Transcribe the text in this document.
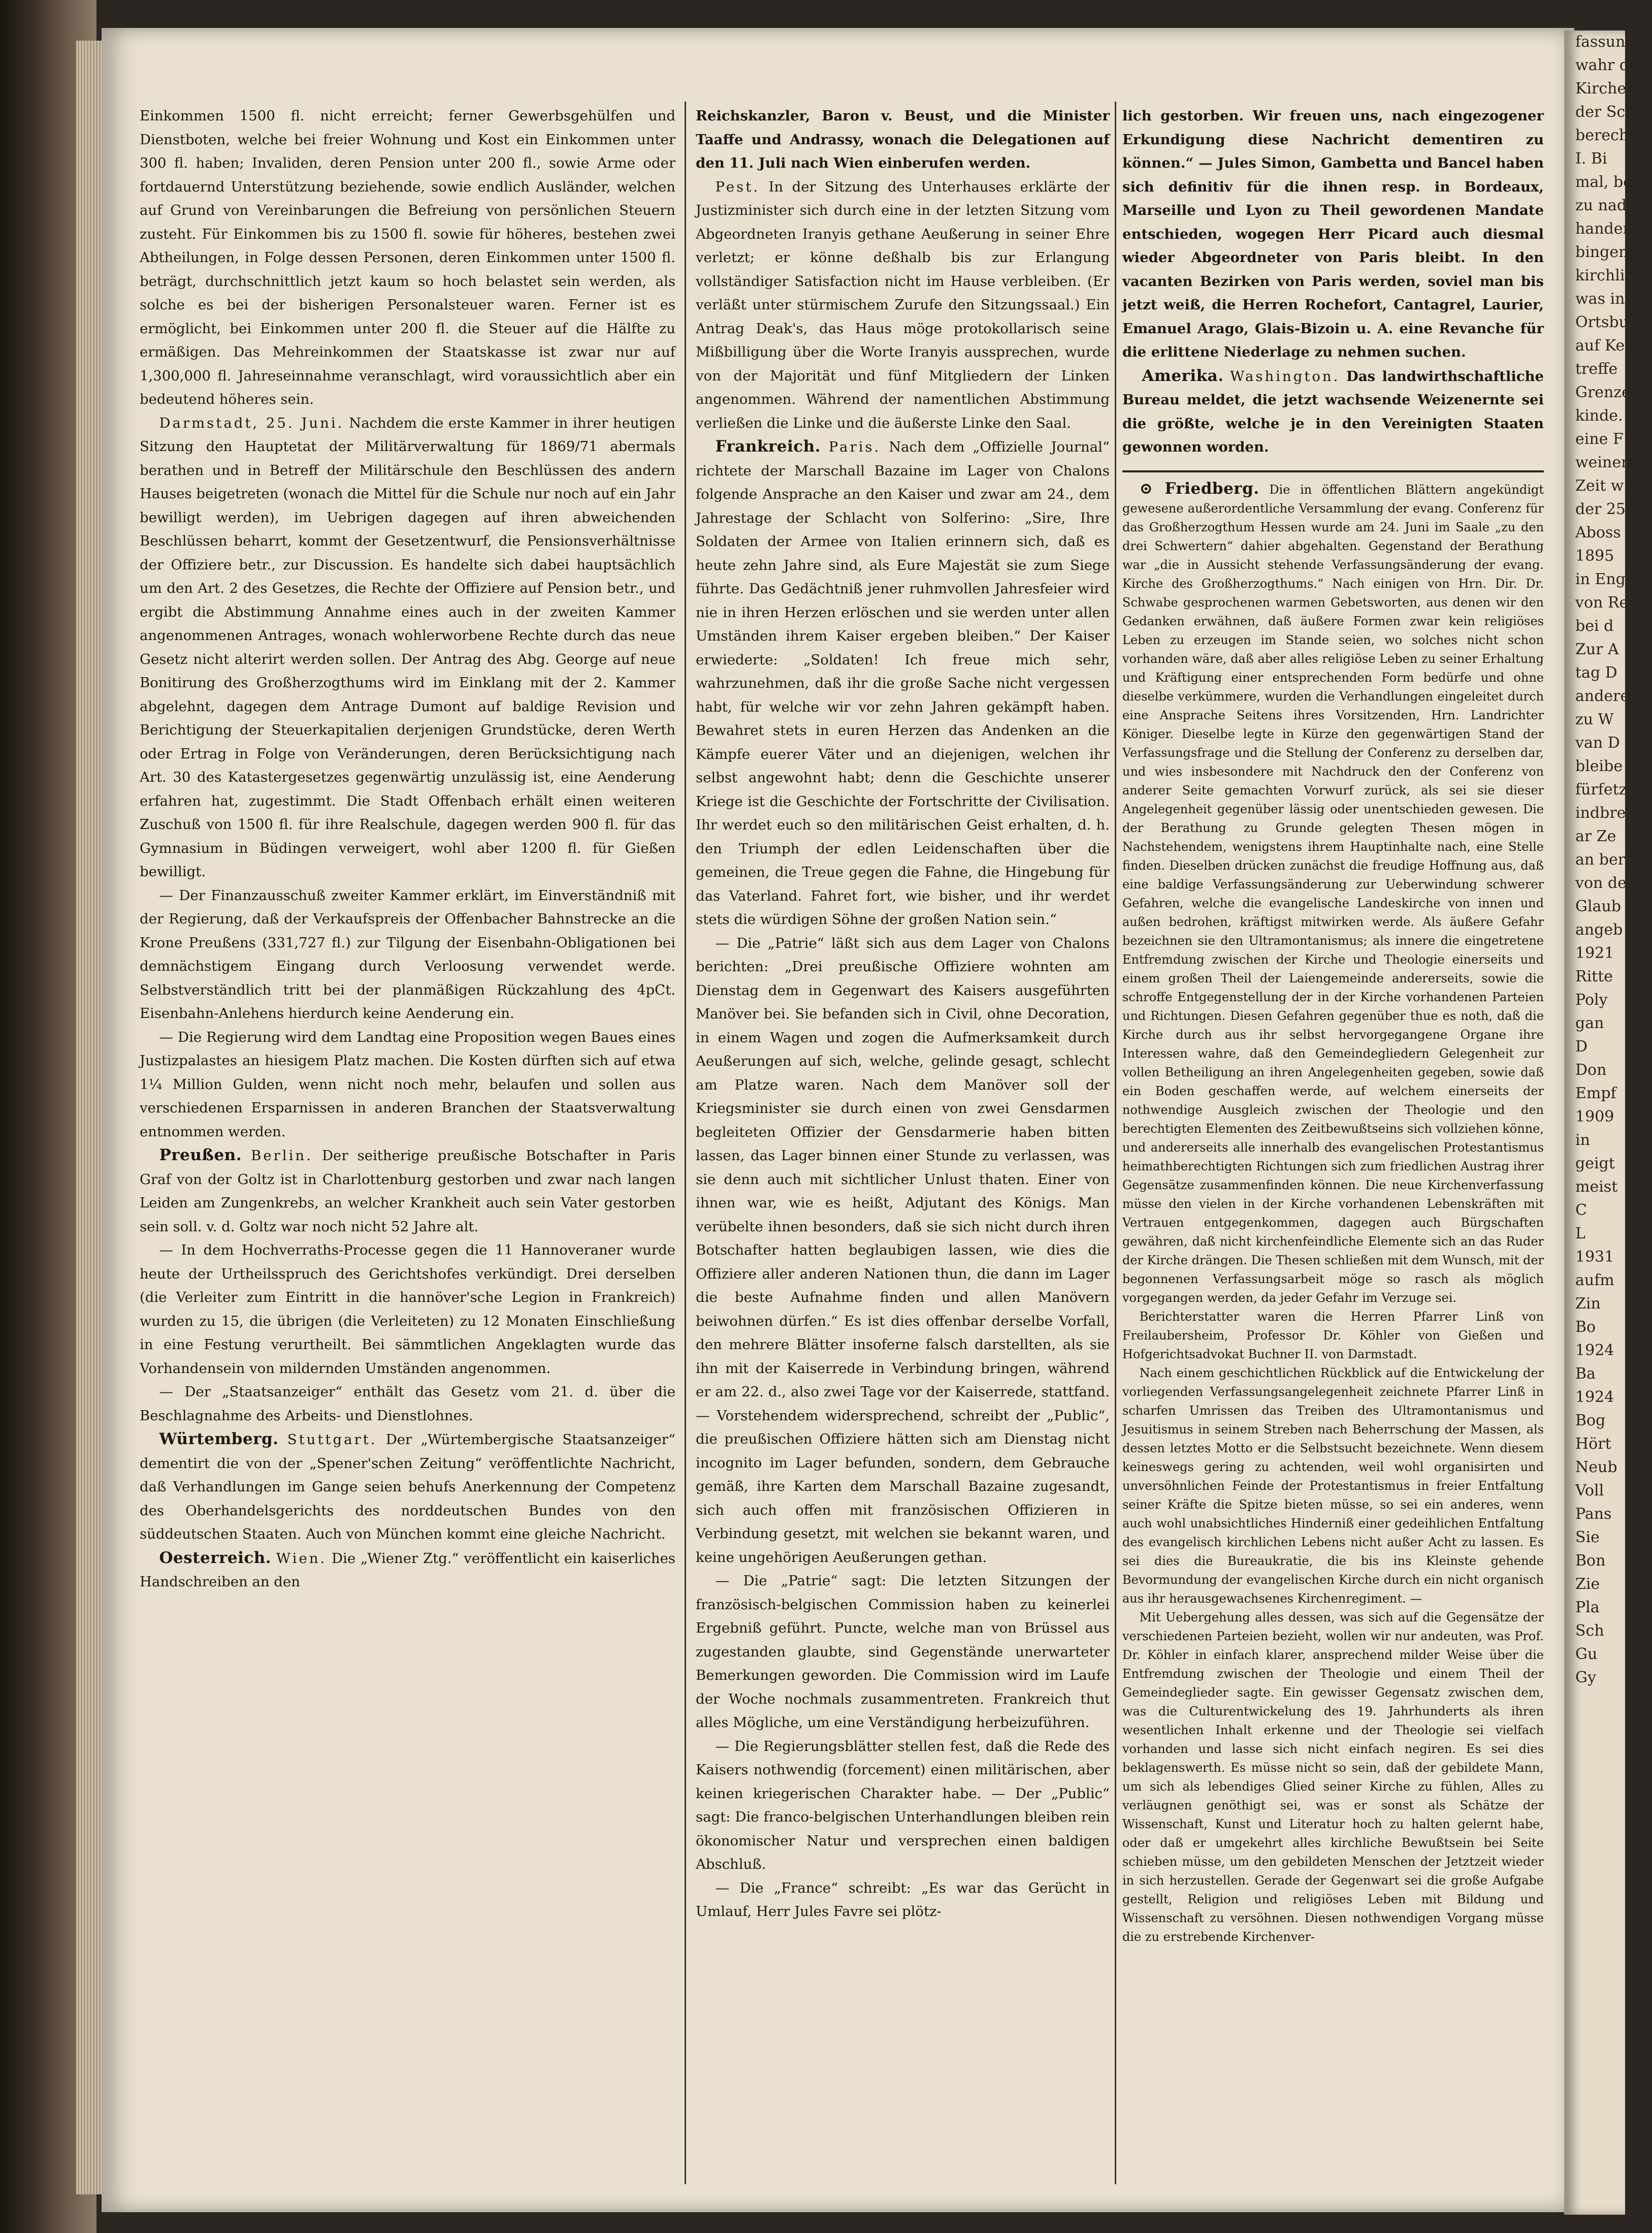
Einkommen 1500 fl. nicht erreicht; ferner Gewerbsgehülfen und Dienstboten, welche bei freier Wohnung und Kost ein Einkommen unter 300 fl. haben; Invaliden, deren Pension unter 200 fl., sowie Arme oder fortdauernd Unterstützung beziehende, sowie endlich Ausländer, welchen auf Grund von Vereinbarungen die Befreiung von persönlichen Steuern zusteht. Für Einkommen bis zu 1500 fl. sowie für höheres, bestehen zwei Abtheilungen, in Folge dessen Personen, deren Einkommen unter 1500 fl. beträgt, durchschnittlich jetzt kaum so hoch belastet sein werden, als solche es bei der bisherigen Personalsteuer waren. Ferner ist es ermöglicht, bei Einkommen unter 200 fl. die Steuer auf die Hälfte zu ermäßigen. Das Mehreinkommen der Staatskasse ist zwar nur auf 1,300,000 fl. Jahreseinnahme veranschlagt, wird voraussichtlich aber ein bedeutend höheres sein.

Darmstadt, 25. Juni. Nachdem die erste Kammer in ihrer heutigen Sitzung den Hauptetat der Militärverwaltung für 1869/71 abermals berathen und in Betreff der Militärschule den Beschlüssen des andern Hauses beigetreten (wonach die Mittel für die Schule nur noch auf ein Jahr bewilligt werden), im Uebrigen dagegen auf ihren abweichenden Beschlüssen beharrt, kommt der Gesetzentwurf, die Pensionsverhältnisse der Offiziere betr., zur Discussion. Es handelte sich dabei hauptsächlich um den Art. 2 des Gesetzes, die Rechte der Offiziere auf Pension betr., und ergibt die Abstimmung Annahme eines auch in der zweiten Kammer angenommenen Antrages, wonach wohlerworbene Rechte durch das neue Gesetz nicht alterirt werden sollen. Der Antrag des Abg. George auf neue Bonitirung des Großherzogthums wird im Einklang mit der 2. Kammer abgelehnt, dagegen dem Antrage Dumont auf baldige Revision und Berichtigung der Steuerkapitalien derjenigen Grundstücke, deren Werth oder Ertrag in Folge von Veränderungen, deren Berücksichtigung nach Art. 30 des Katastergesetzes gegenwärtig unzulässig ist, eine Aenderung erfahren hat, zugestimmt. Die Stadt Offenbach erhält einen weiteren Zuschuß von 1500 fl. für ihre Realschule, dagegen werden 900 fl. für das Gymnasium in Büdingen verweigert, wohl aber 1200 fl. für Gießen bewilligt.

— Der Finanzausschuß zweiter Kammer erklärt, im Einverständniß mit der Regierung, daß der Verkaufspreis der Offenbacher Bahnstrecke an die Krone Preußens (331,727 fl.) zur Tilgung der Eisenbahn-Obligationen bei demnächstigem Eingang durch Verloosung verwendet werde. Selbstverständlich tritt bei der planmäßigen Rückzahlung des 4pCt. Eisenbahn-Anlehens hierdurch keine Aenderung ein.

— Die Regierung wird dem Landtag eine Proposition wegen Baues eines Justizpalastes an hiesigem Platz machen. Die Kosten dürften sich auf etwa 1¼ Million Gulden, wenn nicht noch mehr, belaufen und sollen aus verschiedenen Ersparnissen in anderen Branchen der Staatsverwaltung entnommen werden.

Preußen. Berlin. Der seitherige preußische Botschafter in Paris Graf von der Goltz ist in Charlottenburg gestorben und zwar nach langen Leiden am Zungenkrebs, an welcher Krankheit auch sein Vater gestorben sein soll. v. d. Goltz war noch nicht 52 Jahre alt.

— In dem Hochverraths-Processe gegen die 11 Hannoveraner wurde heute der Urtheilsspruch des Gerichtshofes verkündigt. Drei derselben (die Verleiter zum Eintritt in die hannöver'sche Legion in Frankreich) wurden zu 15, die übrigen (die Verleiteten) zu 12 Monaten Einschließung in eine Festung verurtheilt. Bei sämmtlichen Angeklagten wurde das Vorhandensein von mildernden Umständen angenommen.

— Der „Staatsanzeiger“ enthält das Gesetz vom 21. d. über die Beschlagnahme des Arbeits- und Dienstlohnes.

Würtemberg. Stuttgart. Der „Würtembergische Staatsanzeiger“ dementirt die von der „Spener'schen Zeitung“ veröffentlichte Nachricht, daß Verhandlungen im Gange seien behufs Anerkennung der Competenz des Oberhandelsgerichts des norddeutschen Bundes von den süddeutschen Staaten. Auch von München kommt eine gleiche Nachricht.

Oesterreich. Wien. Die „Wiener Ztg.“ veröffentlicht ein kaiserliches Handschreiben an den

Reichskanzler, Baron v. Beust, und die Minister Taaffe und Andrassy, wonach die Delegationen auf den 11. Juli nach Wien einberufen werden.

Pest. In der Sitzung des Unterhauses erklärte der Justizminister sich durch eine in der letzten Sitzung vom Abgeordneten Iranyis gethane Aeußerung in seiner Ehre verletzt; er könne deßhalb bis zur Erlangung vollständiger Satisfaction nicht im Hause verbleiben. (Er verläßt unter stürmischem Zurufe den Sitzungssaal.) Ein Antrag Deak's, das Haus möge protokollarisch seine Mißbilligung über die Worte Iranyis aussprechen, wurde von der Majorität und fünf Mitgliedern der Linken angenommen. Während der namentlichen Abstimmung verließen die Linke und die äußerste Linke den Saal.

Frankreich. Paris. Nach dem „Offizielle Journal“ richtete der Marschall Bazaine im Lager von Chalons folgende Ansprache an den Kaiser und zwar am 24., dem Jahrestage der Schlacht von Solferino: „Sire, Ihre Soldaten der Armee von Italien erinnern sich, daß es heute zehn Jahre sind, als Eure Majestät sie zum Siege führte. Das Gedächtniß jener ruhmvollen Jahresfeier wird nie in ihren Herzen erlöschen und sie werden unter allen Umständen ihrem Kaiser ergeben bleiben.“ Der Kaiser erwiederte: „Soldaten! Ich freue mich sehr, wahrzunehmen, daß ihr die große Sache nicht vergessen habt, für welche wir vor zehn Jahren gekämpft haben. Bewahret stets in euren Herzen das Andenken an die Kämpfe euerer Väter und an diejenigen, welchen ihr selbst angewohnt habt; denn die Geschichte unserer Kriege ist die Geschichte der Fortschritte der Civilisation. Ihr werdet euch so den militärischen Geist erhalten, d. h. den Triumph der edlen Leidenschaften über die gemeinen, die Treue gegen die Fahne, die Hingebung für das Vaterland. Fahret fort, wie bisher, und ihr werdet stets die würdigen Söhne der großen Nation sein.“

— Die „Patrie“ läßt sich aus dem Lager von Chalons berichten: „Drei preußische Offiziere wohnten am Dienstag dem in Gegenwart des Kaisers ausgeführten Manöver bei. Sie befanden sich in Civil, ohne Decoration, in einem Wagen und zogen die Aufmerksamkeit durch Aeußerungen auf sich, welche, gelinde gesagt, schlecht am Platze waren. Nach dem Manöver soll der Kriegsminister sie durch einen von zwei Gensdarmen begleiteten Offizier der Gensdarmerie haben bitten lassen, das Lager binnen einer Stunde zu verlassen, was sie denn auch mit sichtlicher Unlust thaten. Einer von ihnen war, wie es heißt, Adjutant des Königs. Man verübelte ihnen besonders, daß sie sich nicht durch ihren Botschafter hatten beglaubigen lassen, wie dies die Offiziere aller anderen Nationen thun, die dann im Lager die beste Aufnahme finden und allen Manövern beiwohnen dürfen.“ Es ist dies offenbar derselbe Vorfall, den mehrere Blätter insoferne falsch darstellten, als sie ihn mit der Kaiserrede in Verbindung bringen, während er am 22. d., also zwei Tage vor der Kaiserrede, stattfand. — Vorstehendem widersprechend, schreibt der „Public“, die preußischen Offiziere hätten sich am Dienstag nicht incognito im Lager befunden, sondern, dem Gebrauche gemäß, ihre Karten dem Marschall Bazaine zugesandt, sich auch offen mit französischen Offizieren in Verbindung gesetzt, mit welchen sie bekannt waren, und keine ungehörigen Aeußerungen gethan.

— Die „Patrie“ sagt: Die letzten Sitzungen der französisch-belgischen Commission haben zu keinerlei Ergebniß geführt. Puncte, welche man von Brüssel aus zugestanden glaubte, sind Gegenstände unerwarteter Bemerkungen geworden. Die Commission wird im Laufe der Woche nochmals zusammentreten. Frankreich thut alles Mögliche, um eine Verständigung herbeizuführen.

— Die Regierungsblätter stellen fest, daß die Rede des Kaisers nothwendig (forcement) einen militärischen, aber keinen kriegerischen Charakter habe. — Der „Public“ sagt: Die franco-belgischen Unterhandlungen bleiben rein ökonomischer Natur und versprechen einen baldigen Abschluß.

— Die „France“ schreibt: „Es war das Gerücht in Umlauf, Herr Jules Favre sei plötz-

lich gestorben. Wir freuen uns, nach eingezogener Erkundigung diese Nachricht dementiren zu können.“ — Jules Simon, Gambetta und Bancel haben sich definitiv für die ihnen resp. in Bordeaux, Marseille und Lyon zu Theil gewordenen Mandate entschieden, wogegen Herr Picard auch diesmal wieder Abgeordneter von Paris bleibt. In den vacanten Bezirken von Paris werden, soviel man bis jetzt weiß, die Herren Rochefort, Cantagrel, Laurier, Emanuel Arago, Glais-Bizoin u. A. eine Revanche für die erlittene Niederlage zu nehmen suchen.

Amerika. Washington. Das landwirthschaftliche Bureau meldet, die jetzt wachsende Weizenernte sei die größte, welche je in den Vereinigten Staaten gewonnen worden.

⊙ Friedberg. Die in öffentlichen Blättern angekündigt gewesene außerordentliche Versammlung der evang. Conferenz für das Großherzogthum Hessen wurde am 24. Juni im Saale „zu den drei Schwertern“ dahier abgehalten. Gegenstand der Berathung war „die in Aussicht stehende Verfassungsänderung der evang. Kirche des Großherzogthums.“ Nach einigen von Hrn. Dir. Dr. Schwabe gesprochenen warmen Gebetsworten, aus denen wir den Gedanken erwähnen, daß äußere Formen zwar kein religiöses Leben zu erzeugen im Stande seien, wo solches nicht schon vorhanden wäre, daß aber alles religiöse Leben zu seiner Erhaltung und Kräftigung einer entsprechenden Form bedürfe und ohne dieselbe verkümmere, wurden die Verhandlungen eingeleitet durch eine Ansprache Seitens ihres Vorsitzenden, Hrn. Landrichter Königer. Dieselbe legte in Kürze den gegenwärtigen Stand der Verfassungsfrage und die Stellung der Conferenz zu derselben dar, und wies insbesondere mit Nachdruck den der Conferenz von anderer Seite gemachten Vorwurf zurück, als sei sie dieser Angelegenheit gegenüber lässig oder unentschieden gewesen. Die der Berathung zu Grunde gelegten Thesen mögen in Nachstehendem, wenigstens ihrem Hauptinhalte nach, eine Stelle finden. Dieselben drücken zunächst die freudige Hoffnung aus, daß eine baldige Verfassungsänderung zur Ueberwindung schwerer Gefahren, welche die evangelische Landeskirche von innen und außen bedrohen, kräftigst mitwirken werde. Als äußere Gefahr bezeichnen sie den Ultramontanismus; als innere die eingetretene Entfremdung zwischen der Kirche und Theologie einerseits und einem großen Theil der Laiengemeinde andererseits, sowie die schroffe Entgegenstellung der in der Kirche vorhandenen Parteien und Richtungen. Diesen Gefahren gegenüber thue es noth, daß die Kirche durch aus ihr selbst hervorgegangene Organe ihre Interessen wahre, daß den Gemeindegliedern Gelegenheit zur vollen Betheiligung an ihren Angelegenheiten gegeben, sowie daß ein Boden geschaffen werde, auf welchem einerseits der nothwendige Ausgleich zwischen der Theologie und den berechtigten Elementen des Zeitbewußtseins sich vollziehen könne, und andererseits alle innerhalb des evangelischen Protestantismus heimathberechtigten Richtungen sich zum friedlichen Austrag ihrer Gegensätze zusammenfinden können. Die neue Kirchenverfassung müsse den vielen in der Kirche vorhandenen Lebenskräften mit Vertrauen entgegenkommen, dagegen auch Bürgschaften gewähren, daß nicht kirchenfeindliche Elemente sich an das Ruder der Kirche drängen. Die Thesen schließen mit dem Wunsch, mit der begonnenen Verfassungsarbeit möge so rasch als möglich vorgegangen werden, da jeder Gefahr im Verzuge sei.

Berichterstatter waren die Herren Pfarrer Linß von Freilaubersheim, Professor Dr. Köhler von Gießen und Hofgerichtsadvokat Buchner II. von Darmstadt.

Nach einem geschichtlichen Rückblick auf die Entwickelung der vorliegenden Verfassungsangelegenheit zeichnete Pfarrer Linß in scharfen Umrissen das Treiben des Ultramontanismus und Jesuitismus in seinem Streben nach Beherrschung der Massen, als dessen letztes Motto er die Selbstsucht bezeichnete. Wenn diesem keineswegs gering zu achtenden, weil wohl organisirten und unversöhnlichen Feinde der Protestantismus in freier Entfaltung seiner Kräfte die Spitze bieten müsse, so sei ein anderes, wenn auch wohl unabsichtliches Hinderniß einer gedeihlichen Entfaltung des evangelisch kirchlichen Lebens nicht außer Acht zu lassen. Es sei dies die Bureaukratie, die bis ins Kleinste gehende Bevormundung der evangelischen Kirche durch ein nicht organisch aus ihr herausgewachsenes Kirchenregiment. —

Mit Uebergehung alles dessen, was sich auf die Gegensätze der verschiedenen Parteien bezieht, wollen wir nur andeuten, was Prof. Dr. Köhler in einfach klarer, ansprechend milder Weise über die Entfremdung zwischen der Theologie und einem Theil der Gemeindeglieder sagte. Ein gewisser Gegensatz zwischen dem, was die Culturentwickelung des 19. Jahrhunderts als ihren wesentlichen Inhalt erkenne und der Theologie sei vielfach vorhanden und lasse sich nicht einfach negiren. Es sei dies beklagenswerth. Es müsse nicht so sein, daß der gebildete Mann, um sich als lebendiges Glied seiner Kirche zu fühlen, Alles zu verläugnen genöthigt sei, was er sonst als Schätze der Wissenschaft, Kunst und Literatur hoch zu halten gelernt habe, oder daß er umgekehrt alles kirchliche Bewußtsein bei Seite schieben müsse, um den gebildeten Menschen der Jetztzeit wieder in sich herzustellen. Gerade der Gegenwart sei die große Aufgabe gestellt, Religion und religiöses Leben mit Bildung und Wissenschaft zu versöhnen. Diesen nothwendigen Vorgang müsse die zu erstrebende Kirchenver-

fassung
wahr de
Kirche
der Sch
berechti
I. Bi
mal, bei
zu nad
handenen
bingen
kirchliche
was in
Ortsbu
auf Kein
treffe
Grenzen
kinde.
eine F
weinem
Zeit w
der 25
Aboss
1895
in Engl
von Re
bei d
Zur A
tag D
andere
zu W
van D
bleibe
fürfetz
indbre
ar Ze
an ber
von de
Glaub
angeb
1921
Ritte
Poly
gan
D
Don
Empf
1909
in
geigt
meist
C
L
1931
aufm
Zin
Bo
1924
Ba
1924
Bog
Hört
Neub
Voll
Pans
Sie
Bon
Zie
Pla
Sch
Gu
Gy
